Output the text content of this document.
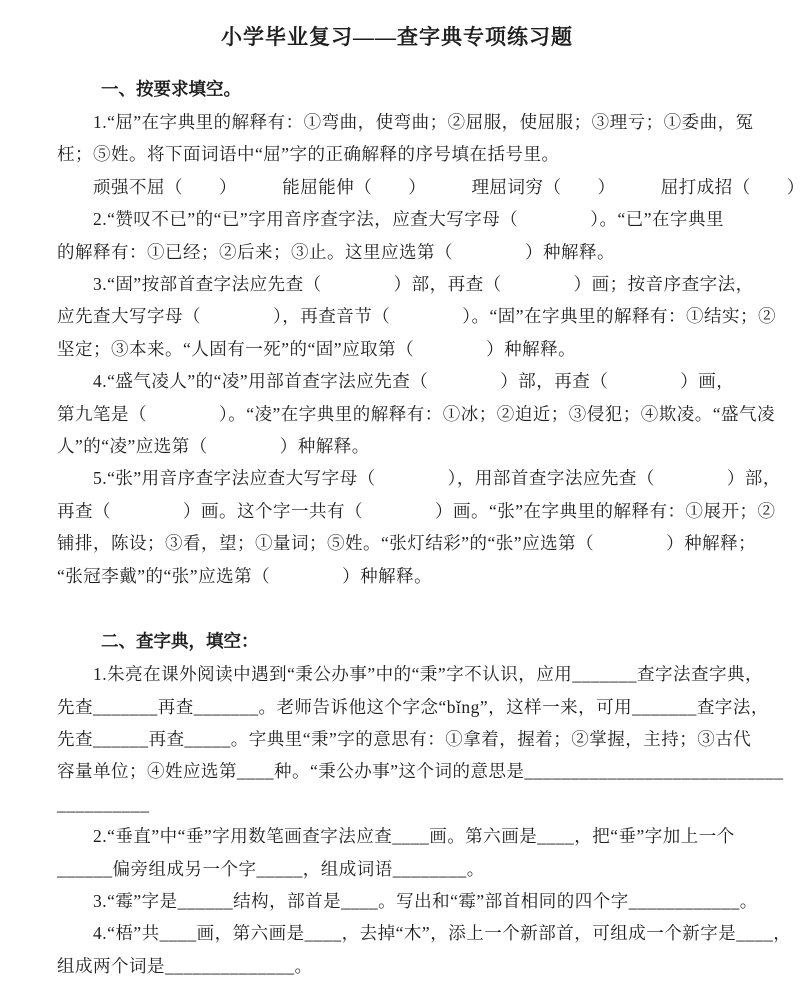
小学毕业复习——查字典专项练习题
一、按要求填空。
1.“屈”在字典里的解释有：①弯曲，使弯曲；②屈服，使屈服；③理亏；①委曲，冤
枉；⑤姓。将下面词语中“屈”字的正确解释的序号填在括号里。
顽强不屈（　　）　　　能屈能伸（　　）　　　理屈词穷（　　）　　　屈打成招（　　）
2.“赞叹不已”的“已”字用音序查字法，应查大写字母（　　　　）。“已”在字典里
的解释有：①已经；②后来；③止。这里应选第（　　　　）种解释。
3.“固”按部首查字法应先查（　　　　）部，再查（　　　　）画；按音序查字法，
应先查大写字母（　　　　），再查音节（　　　　）。“固”在字典里的解释有：①结实；②
坚定；③本来。“人固有一死”的“固”应取第（　　　　）种解释。
4.“盛气凌人”的“凌”用部首查字法应先查（　　　　）部，再查（　　　　）画，
第九笔是（　　　　）。“凌”在字典里的解释有：①冰；②迫近；③侵犯；④欺凌。“盛气凌
人”的“凌”应选第（　　　　）种解释。
5.“张”用音序查字法应查大写字母（　　　　），用部首查字法应先查（　　　　）部，
再查（　　　　）画。这个字一共有（　　　　）画。“张”在字典里的解释有：①展开；②
铺排，陈设；③看，望；①量词；⑤姓。“张灯结彩”的“张”应选第（　　　　）种解释；
“张冠李戴”的“张”应选第（　　　　）种解释。
二、查字典，填空：
1.朱亮在课外阅读中遇到“秉公办事”中的“秉”字不认识，应用_______查字法查字典，
先查_______再查_______。老师告诉他这个字念“bǐng”，这样一来，可用_______查字法，
先查______再查_____。字典里“秉”字的意思有：①拿着，握着；②掌握，主持；③古代
容量单位；④姓应选第____种。“秉公办事”这个词的意思是____________________________
__________
2.“垂直”中“垂”字用数笔画查字法应查____画。第六画是____，把“垂”字加上一个
______偏旁组成另一个字_____，组成词语________。
3.“霉”字是______结构，部首是____。写出和“霉”部首相同的四个字____________。
4.“梧”共____画，第六画是____，去掉“木”，添上一个新部首，可组成一个新字是____，
组成两个词是______________。
